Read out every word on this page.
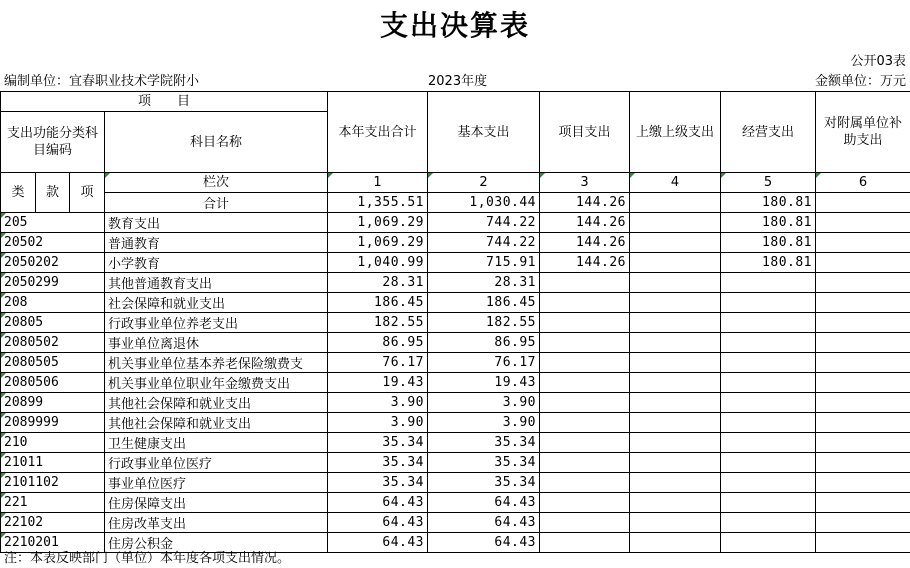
支出决算表
公开03表
编制单位：宜春职业技术学院附小	2023年度	金额单位：万元
项　　目				本年支出合计	基本支出	项目支出	上缴上级支出	经营支出	对附属单位补助支出
支出功能分类科目编码			科目名称						

类	款	项	栏次	1	2	3	4	5	6
			合计	1,355.51	1,030.44	144.26		180.81	
205			教育支出	1,069.29	744.22	144.26		180.81	
20502			普通教育	1,069.29	744.22	144.26		180.81	
2050202			小学教育	1,040.99	715.91	144.26		180.81	
2050299			其他普通教育支出	28.31	28.31				
208			社会保障和就业支出	186.45	186.45				
20805			行政事业单位养老支出	182.55	182.55				
2080502			事业单位离退休	86.95	86.95				
2080505			机关事业单位基本养老保险缴费支	76.17	76.17				
2080506			机关事业单位职业年金缴费支出	19.43	19.43				
20899			其他社会保障和就业支出	3.90	3.90				
2089999			其他社会保障和就业支出	3.90	3.90				
210			卫生健康支出	35.34	35.34				
21011			行政事业单位医疗	35.34	35.34				
2101102			事业单位医疗	35.34	35.34				
221			住房保障支出	64.43	64.43				
22102			住房改革支出	64.43	64.43				
2210201			住房公积金	64.43	64.43				
注：本表反映部门（单位）本年度各项支出情况。
